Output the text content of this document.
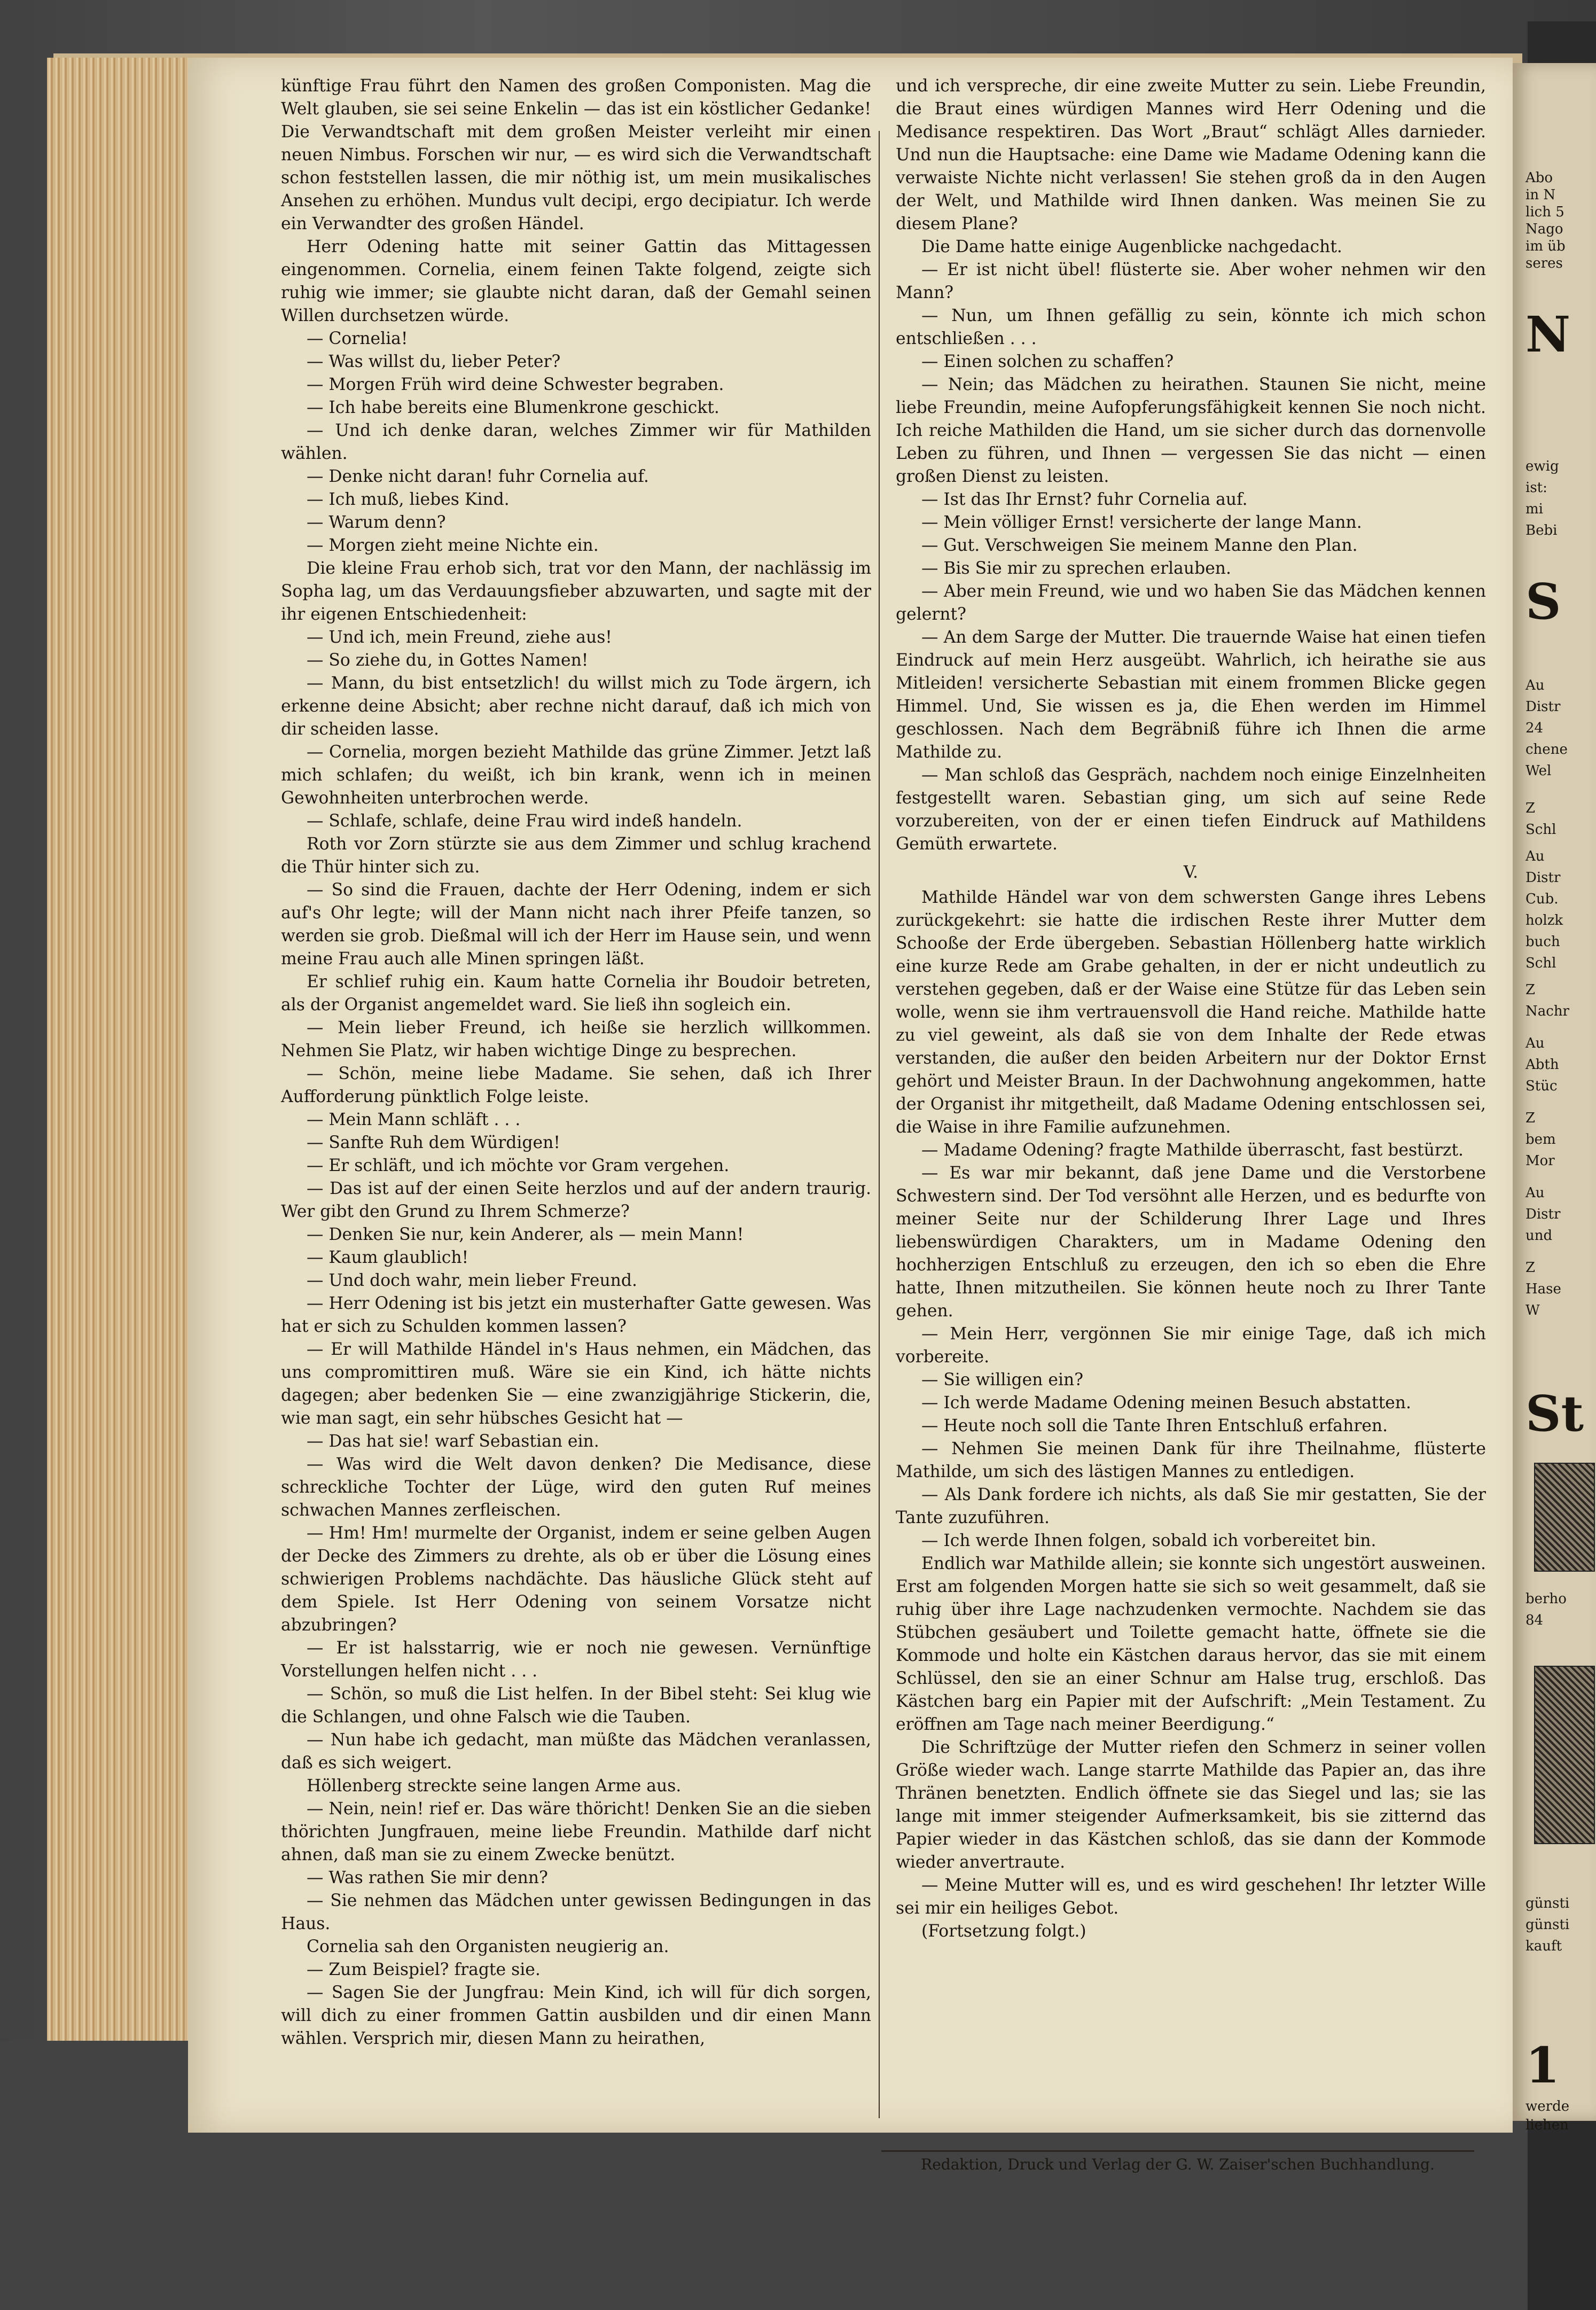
künftige Frau führt den Namen des großen Componisten. Mag die Welt glauben, sie sei seine Enkelin — das ist ein köstlicher Gedanke! Die Verwandtschaft mit dem großen Meister verleiht mir einen neuen Nimbus. Forschen wir nur, — es wird sich die Verwandtschaft schon feststellen lassen, die mir nöthig ist, um mein musikalisches Ansehen zu erhöhen. Mundus vult decipi, ergo decipiatur. Ich werde ein Verwandter des großen Händel.

Herr Odening hatte mit seiner Gattin das Mittagessen eingenommen. Cornelia, einem feinen Takte folgend, zeigte sich ruhig wie immer; sie glaubte nicht daran, daß der Gemahl seinen Willen durchsetzen würde.

— Cornelia!

— Was willst du, lieber Peter?

— Morgen Früh wird deine Schwester begraben.

— Ich habe bereits eine Blumenkrone geschickt.

— Und ich denke daran, welches Zimmer wir für Mathilden wählen.

— Denke nicht daran! fuhr Cornelia auf.

— Ich muß, liebes Kind.

— Warum denn?

— Morgen zieht meine Nichte ein.

Die kleine Frau erhob sich, trat vor den Mann, der nachlässig im Sopha lag, um das Verdauungsfieber abzuwarten, und sagte mit der ihr eigenen Entschiedenheit:

— Und ich, mein Freund, ziehe aus!

— So ziehe du, in Gottes Namen!

— Mann, du bist entsetzlich! du willst mich zu Tode ärgern, ich erkenne deine Absicht; aber rechne nicht darauf, daß ich mich von dir scheiden lasse.

— Cornelia, morgen bezieht Mathilde das grüne Zimmer. Jetzt laß mich schlafen; du weißt, ich bin krank, wenn ich in meinen Gewohnheiten unterbrochen werde.

— Schlafe, schlafe, deine Frau wird indeß handeln.

Roth vor Zorn stürzte sie aus dem Zimmer und schlug krachend die Thür hinter sich zu.

— So sind die Frauen, dachte der Herr Odening, indem er sich auf's Ohr legte; will der Mann nicht nach ihrer Pfeife tanzen, so werden sie grob. Dießmal will ich der Herr im Hause sein, und wenn meine Frau auch alle Minen springen läßt.

Er schlief ruhig ein. Kaum hatte Cornelia ihr Boudoir betreten, als der Organist angemeldet ward. Sie ließ ihn sogleich ein.

— Mein lieber Freund, ich heiße sie herzlich willkommen. Nehmen Sie Platz, wir haben wichtige Dinge zu besprechen.

— Schön, meine liebe Madame. Sie sehen, daß ich Ihrer Aufforderung pünktlich Folge leiste.

— Mein Mann schläft . . .

— Sanfte Ruh dem Würdigen!

— Er schläft, und ich möchte vor Gram vergehen.

— Das ist auf der einen Seite herzlos und auf der andern traurig. Wer gibt den Grund zu Ihrem Schmerze?

— Denken Sie nur, kein Anderer, als — mein Mann!

— Kaum glaublich!

— Und doch wahr, mein lieber Freund.

— Herr Odening ist bis jetzt ein musterhafter Gatte gewesen. Was hat er sich zu Schulden kommen lassen?

— Er will Mathilde Händel in's Haus nehmen, ein Mädchen, das uns compromittiren muß. Wäre sie ein Kind, ich hätte nichts dagegen; aber bedenken Sie — eine zwanzigjährige Stickerin, die, wie man sagt, ein sehr hübsches Gesicht hat —

— Das hat sie! warf Sebastian ein.

— Was wird die Welt davon denken? Die Medisance, diese schreckliche Tochter der Lüge, wird den guten Ruf meines schwachen Mannes zerfleischen.

— Hm! Hm! murmelte der Organist, indem er seine gelben Augen der Decke des Zimmers zu drehte, als ob er über die Lösung eines schwierigen Problems nachdächte. Das häusliche Glück steht auf dem Spiele. Ist Herr Odening von seinem Vorsatze nicht abzubringen?

— Er ist halsstarrig, wie er noch nie gewesen. Vernünftige Vorstellungen helfen nicht . . .

— Schön, so muß die List helfen. In der Bibel steht: Sei klug wie die Schlangen, und ohne Falsch wie die Tauben.

— Nun habe ich gedacht, man müßte das Mädchen veranlassen, daß es sich weigert.

Höllenberg streckte seine langen Arme aus.

— Nein, nein! rief er. Das wäre thöricht! Denken Sie an die sieben thörichten Jungfrauen, meine liebe Freundin. Mathilde darf nicht ahnen, daß man sie zu einem Zwecke benützt.

— Was rathen Sie mir denn?

— Sie nehmen das Mädchen unter gewissen Bedingungen in das Haus.

Cornelia sah den Organisten neugierig an.

— Zum Beispiel? fragte sie.

— Sagen Sie der Jungfrau: Mein Kind, ich will für dich sorgen, will dich zu einer frommen Gattin ausbilden und dir einen Mann wählen. Versprich mir, diesen Mann zu heirathen,

und ich verspreche, dir eine zweite Mutter zu sein. Liebe Freundin, die Braut eines würdigen Mannes wird Herr Odening und die Medisance respektiren. Das Wort „Braut“ schlägt Alles darnieder. Und nun die Hauptsache: eine Dame wie Madame Odening kann die verwaiste Nichte nicht verlassen! Sie stehen groß da in den Augen der Welt, und Mathilde wird Ihnen danken. Was meinen Sie zu diesem Plane?

Die Dame hatte einige Augenblicke nachgedacht.

— Er ist nicht übel! flüsterte sie. Aber woher nehmen wir den Mann?

— Nun, um Ihnen gefällig zu sein, könnte ich mich schon entschließen . . .

— Einen solchen zu schaffen?

— Nein; das Mädchen zu heirathen. Staunen Sie nicht, meine liebe Freundin, meine Aufopferungsfähigkeit kennen Sie noch nicht. Ich reiche Mathilden die Hand, um sie sicher durch das dornenvolle Leben zu führen, und Ihnen — vergessen Sie das nicht — einen großen Dienst zu leisten.

— Ist das Ihr Ernst? fuhr Cornelia auf.

— Mein völliger Ernst! versicherte der lange Mann.

— Gut. Verschweigen Sie meinem Manne den Plan.

— Bis Sie mir zu sprechen erlauben.

— Aber mein Freund, wie und wo haben Sie das Mädchen kennen gelernt?

— An dem Sarge der Mutter. Die trauernde Waise hat einen tiefen Eindruck auf mein Herz ausgeübt. Wahrlich, ich heirathe sie aus Mitleiden! versicherte Sebastian mit einem frommen Blicke gegen Himmel. Und, Sie wissen es ja, die Ehen werden im Himmel geschlossen. Nach dem Begräbniß führe ich Ihnen die arme Mathilde zu.

— Man schloß das Gespräch, nachdem noch einige Einzelnheiten festgestellt waren. Sebastian ging, um sich auf seine Rede vorzubereiten, von der er einen tiefen Eindruck auf Mathildens Gemüth erwartete.

V.

Mathilde Händel war von dem schwersten Gange ihres Lebens zurückgekehrt: sie hatte die irdischen Reste ihrer Mutter dem Schooße der Erde übergeben. Sebastian Höllenberg hatte wirklich eine kurze Rede am Grabe gehalten, in der er nicht undeutlich zu verstehen gegeben, daß er der Waise eine Stütze für das Leben sein wolle, wenn sie ihm vertrauensvoll die Hand reiche. Mathilde hatte zu viel geweint, als daß sie von dem Inhalte der Rede etwas verstanden, die außer den beiden Arbeitern nur der Doktor Ernst gehört und Meister Braun. In der Dachwohnung angekommen, hatte der Organist ihr mitgetheilt, daß Madame Odening entschlossen sei, die Waise in ihre Familie aufzunehmen.

— Madame Odening? fragte Mathilde überrascht, fast bestürzt.

— Es war mir bekannt, daß jene Dame und die Verstorbene Schwestern sind. Der Tod versöhnt alle Herzen, und es bedurfte von meiner Seite nur der Schilderung Ihrer Lage und Ihres liebenswürdigen Charakters, um in Madame Odening den hochherzigen Entschluß zu erzeugen, den ich so eben die Ehre hatte, Ihnen mitzutheilen. Sie können heute noch zu Ihrer Tante gehen.

— Mein Herr, vergönnen Sie mir einige Tage, daß ich mich vorbereite.

— Sie willigen ein?

— Ich werde Madame Odening meinen Besuch abstatten.

— Heute noch soll die Tante Ihren Entschluß erfahren.

— Nehmen Sie meinen Dank für ihre Theilnahme, flüsterte Mathilde, um sich des lästigen Mannes zu entledigen.

— Als Dank fordere ich nichts, als daß Sie mir gestatten, Sie der Tante zuzuführen.

— Ich werde Ihnen folgen, sobald ich vorbereitet bin.

Endlich war Mathilde allein; sie konnte sich ungestört ausweinen. Erst am folgenden Morgen hatte sie sich so weit gesammelt, daß sie ruhig über ihre Lage nachzudenken vermochte. Nachdem sie das Stübchen gesäubert und Toilette gemacht hatte, öffnete sie die Kommode und holte ein Kästchen daraus hervor, das sie mit einem Schlüssel, den sie an einer Schnur am Halse trug, erschloß. Das Kästchen barg ein Papier mit der Aufschrift: „Mein Testament. Zu eröffnen am Tage nach meiner Beerdigung.“

Die Schriftzüge der Mutter riefen den Schmerz in seiner vollen Größe wieder wach. Lange starrte Mathilde das Papier an, das ihre Thränen benetzten. Endlich öffnete sie das Siegel und las; sie las lange mit immer steigender Aufmerksamkeit, bis sie zitternd das Papier wieder in das Kästchen schloß, das sie dann der Kommode wieder anvertraute.

— Meine Mutter will es, und es wird geschehen! Ihr letzter Wille sei mir ein heiliges Gebot.

(Fortsetzung folgt.)

Redaktion, Druck und Verlag der G. W. Zaiser'schen Buchhandlung.
Abo
in N
lich 5
Nago
im üb
seres
N
ewig
ist:
mi
Bebi
S
Au
Distr
24
chene
Wel
Z
Schl
Au
Distr
Cub.
holzk
buch
Schl
Z
Nachr
Au
Abth
Stüc
Z
bem
Mor
Au
Distr
und
Z
Hase
W
St
berho
84
günsti
günsti
kauft
1
werde
liehen
